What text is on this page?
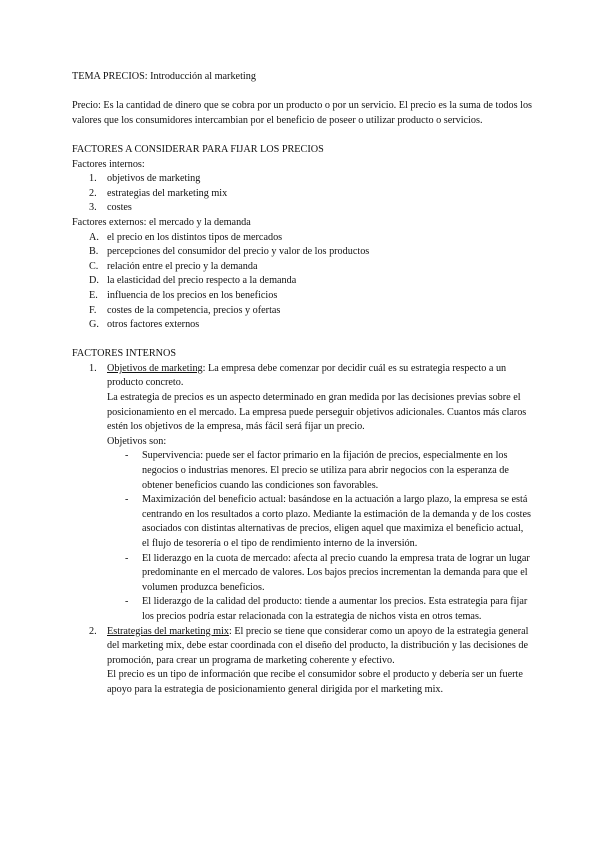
TEMA PRECIOS: Introducción al marketing

Precio: Es la cantidad de dinero que se cobra por un producto o por un servicio. El precio es la suma de todos los valores que los consumidores intercambian por el beneficio de poseer o utilizar producto o servicios.

FACTORES A CONSIDERAR PARA FIJAR LOS PRECIOS

Factores internos:

1. objetivos de marketing
2. estrategias del marketing mix
3. costes

Factores externos: el mercado y la demanda

A. el precio en los distintos tipos de mercados
B. percepciones del consumidor del precio y valor de los productos
C. relación entre el precio y la demanda
D. la elasticidad del precio respecto a la demanda
E. influencia de los precios en los beneficios
F. costes de la competencia, precios y ofertas
G. otros factores externos

FACTORES INTERNOS

1. Objetivos de marketing: La empresa debe comenzar por decidir cuál es su estrategia respecto a un producto concreto.

La estrategia de precios es un aspecto determinado en gran medida por las decisiones previas sobre el posicionamiento en el mercado. La empresa puede perseguir objetivos adicionales. Cuantos más claros estén los objetivos de la empresa, más fácil será fijar un precio.

Objetivos son:

- Supervivencia: puede ser el factor primario en la fijación de precios, especialmente en los negocios o industrias menores. El precio se utiliza para abrir negocios con la esperanza de obtener beneficios cuando las condiciones son favorables.
- Maximización del beneficio actual: basándose en la actuación a largo plazo, la empresa se está centrando en los resultados a corto plazo. Mediante la estimación de la demanda y de los costes asociados con distintas alternativas de precios, eligen aquel que maximiza el beneficio actual, el flujo de tesorería o el tipo de rendimiento interno de la inversión.
- El liderazgo en la cuota de mercado: afecta al precio cuando la empresa trata de lograr un lugar predominante en el mercado de valores. Los bajos precios incrementan la demanda para que el volumen produzca beneficios.
- El liderazgo de la calidad del producto: tiende a aumentar los precios. Esta estrategia para fijar los precios podría estar relacionada con la estrategia de nichos vista en otros temas.
2. Estrategias del marketing mix: El precio se tiene que considerar como un apoyo de la estrategia general del marketing mix, debe estar coordinada con el diseño del producto, la distribución y las decisiones de promoción, para crear un programa de marketing coherente y efectivo.

El precio es un tipo de información que recibe el consumidor sobre el producto y debería ser un fuerte apoyo para la estrategia de posicionamiento general dirigida por el marketing mix.
